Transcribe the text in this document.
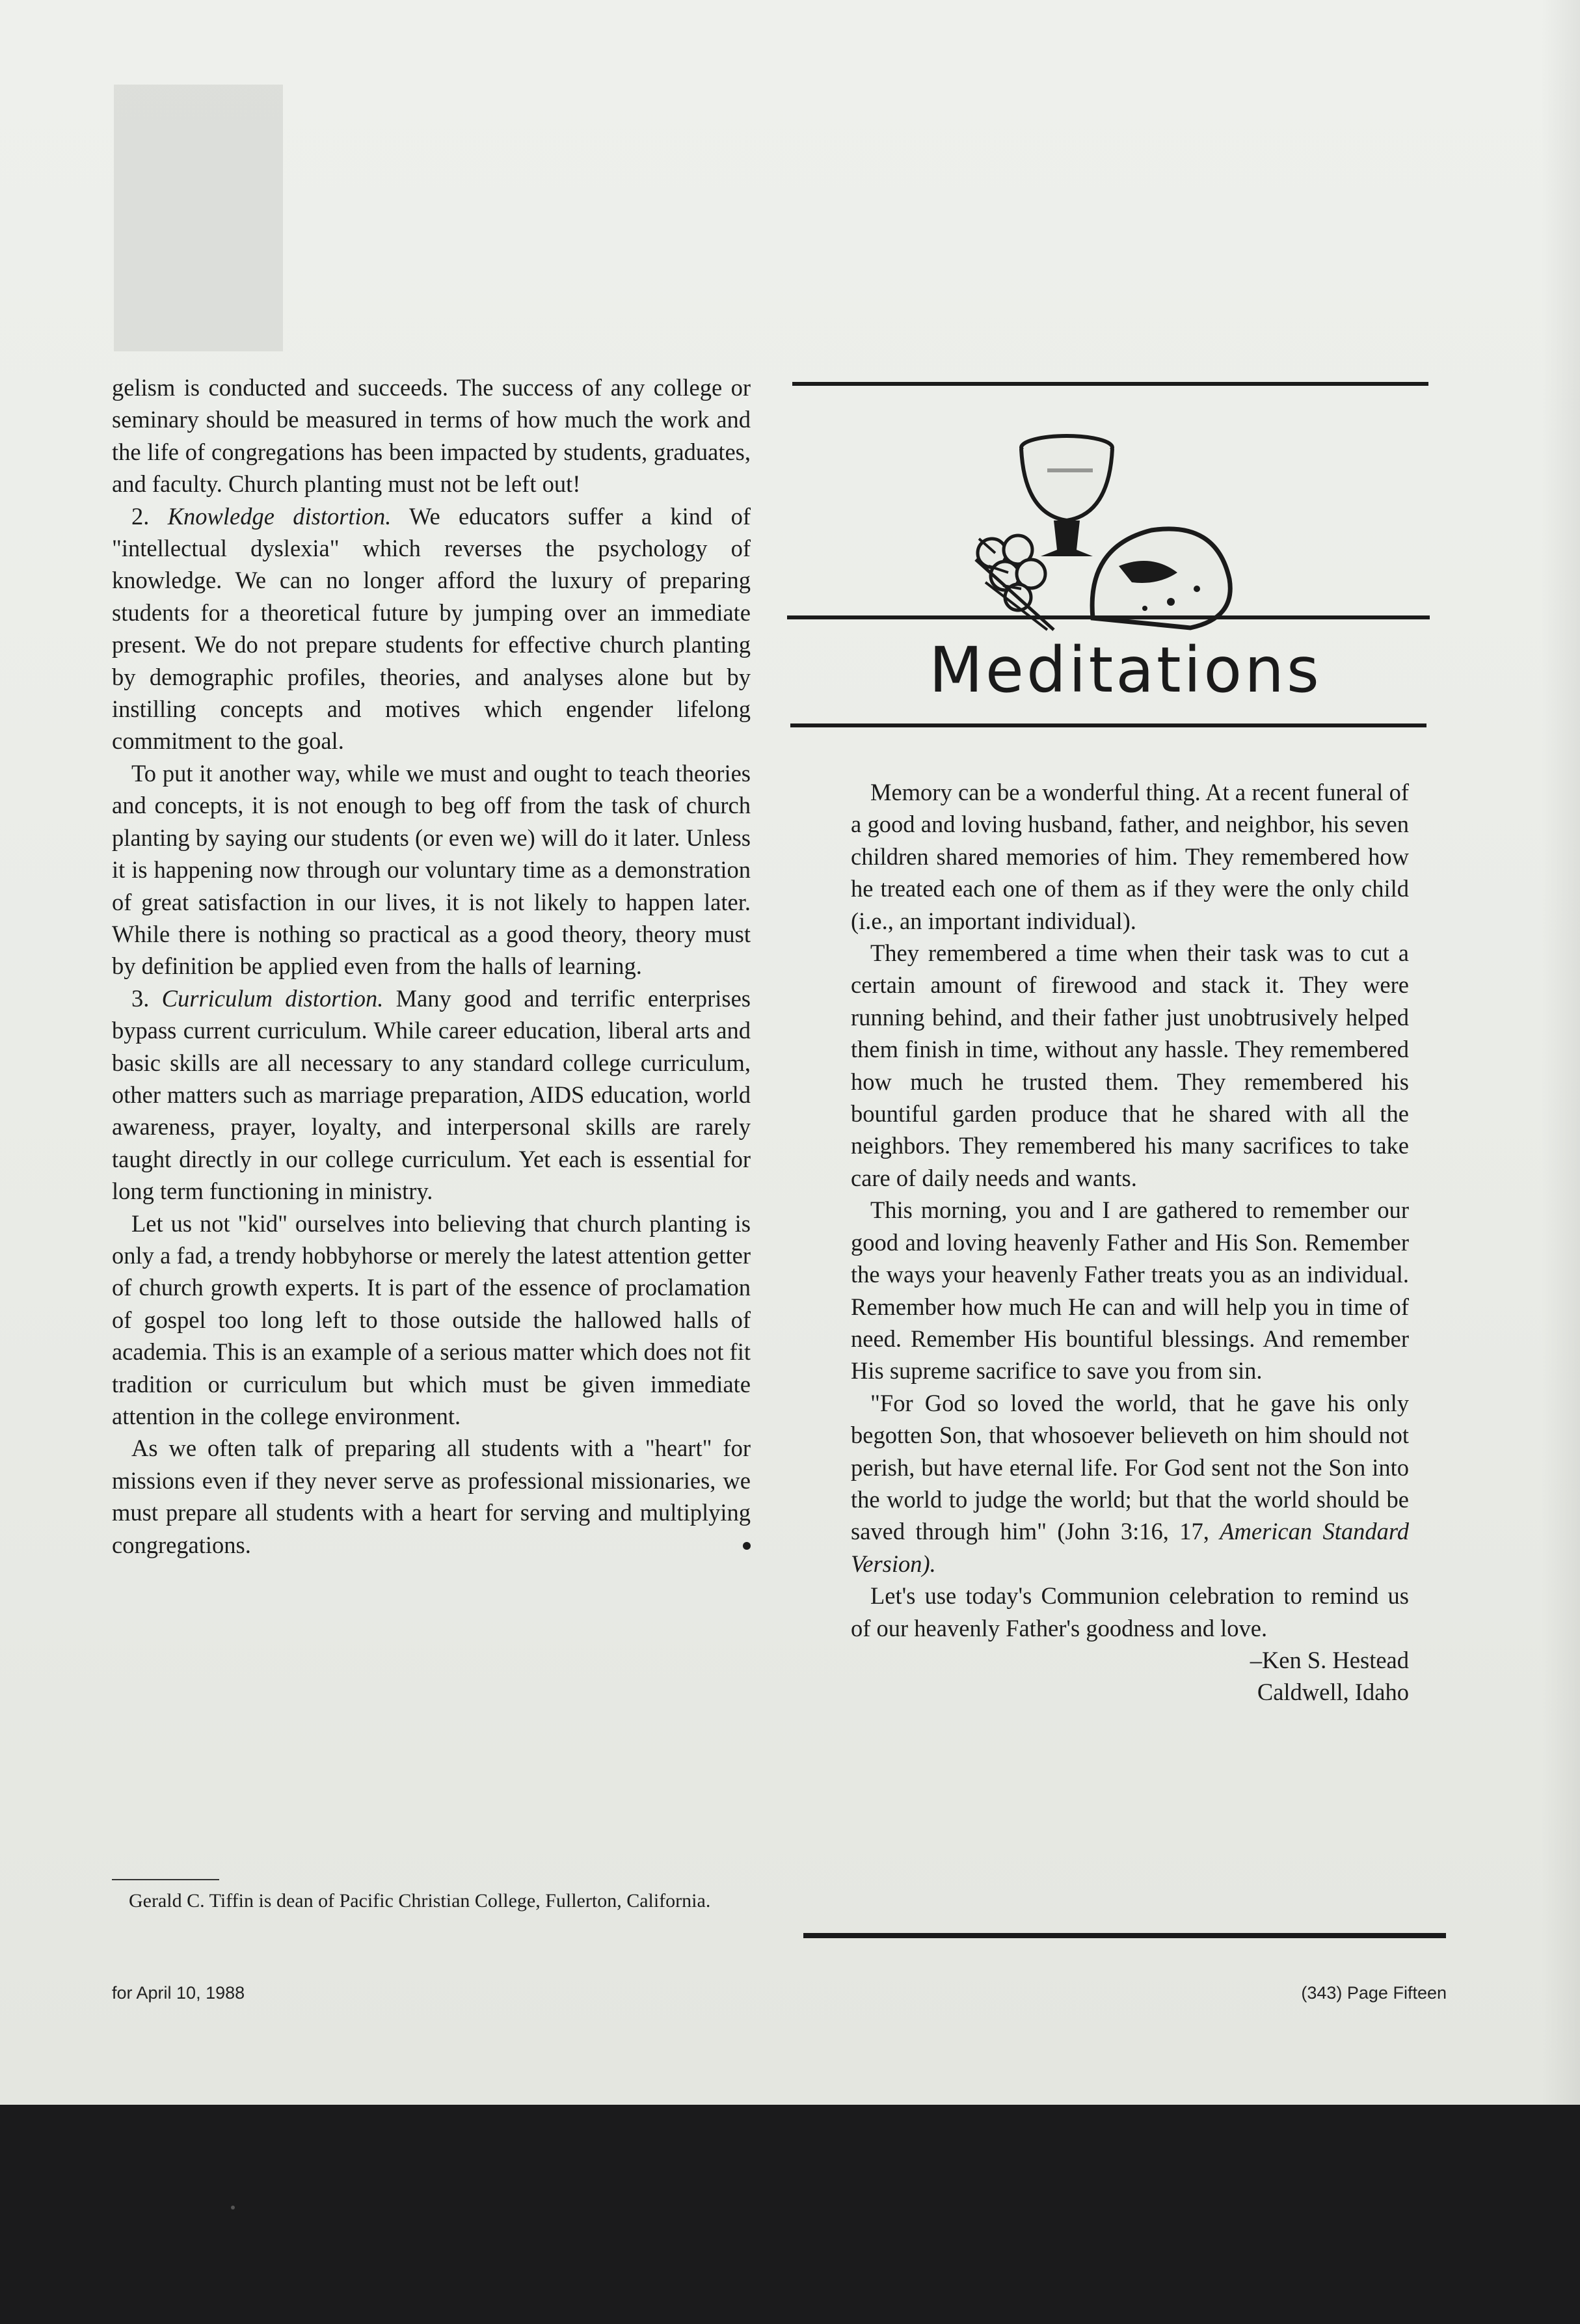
gelism is conducted and succeeds. The success of any college or seminary should be measured in terms of how much the work and the life of congregations has been impacted by students, graduates, and faculty. Church planting must not be left out!

2. Knowledge distortion. We educators suffer a kind of "intellectual dyslexia" which reverses the psychology of knowledge. We can no longer afford the luxury of preparing students for a theoretical future by jumping over an immediate present. We do not prepare students for effective church planting by demographic profiles, theories, and analyses alone but by instilling concepts and motives which engender lifelong commitment to the goal.

To put it another way, while we must and ought to teach theories and concepts, it is not enough to beg off from the task of church planting by saying our students (or even we) will do it later. Unless it is happening now through our voluntary time as a demonstration of great satisfaction in our lives, it is not likely to happen later. While there is nothing so practical as a good theory, theory must by definition be applied even from the halls of learning.

3. Curriculum distortion. Many good and terrific enterprises bypass current curriculum. While career education, liberal arts and basic skills are all necessary to any standard college curriculum, other matters such as marriage preparation, AIDS education, world awareness, prayer, loyalty, and interpersonal skills are rarely taught directly in our college curriculum. Yet each is essential for long term functioning in ministry.

Let us not "kid" ourselves into believing that church planting is only a fad, a trendy hobbyhorse or merely the latest attention getter of church growth experts. It is part of the essence of proclamation of gospel too long left to those outside the hallowed halls of academia. This is an example of a serious matter which does not fit tradition or curriculum but which must be given immediate attention in the college environment.

As we often talk of preparing all students with a "heart" for missions even if they never serve as professional missionaries, we must prepare all students with a heart for serving and multiplying congregations.

Gerald C. Tiffin is dean of Pacific Christian College, Fullerton, California.
Meditations

Memory can be a wonderful thing. At a recent funeral of a good and loving husband, father, and neighbor, his seven children shared memories of him. They remembered how he treated each one of them as if they were the only child (i.e., an important individual).

They remembered a time when their task was to cut a certain amount of firewood and stack it. They were running behind, and their father just unobtrusively helped them finish in time, without any hassle. They remembered how much he trusted them. They remembered his bountiful garden produce that he shared with all the neighbors. They remembered his many sacrifices to take care of daily needs and wants.

This morning, you and I are gathered to remember our good and loving heavenly Father and His Son. Remember the ways your heavenly Father treats you as an individual. Remember how much He can and will help you in time of need. Remember His bountiful blessings. And remember His supreme sacrifice to save you from sin.

"For God so loved the world, that he gave his only begotten Son, that whosoever believeth on him should not perish, but have eternal life. For God sent not the Son into the world to judge the world; but that the world should be saved through him" (John 3:16, 17, American Standard Version).

Let's use today's Communion celebration to remind us of our heavenly Father's goodness and love.

–Ken S. Hestead

Caldwell, Idaho

for April 10, 1988	(343) Page Fifteen
